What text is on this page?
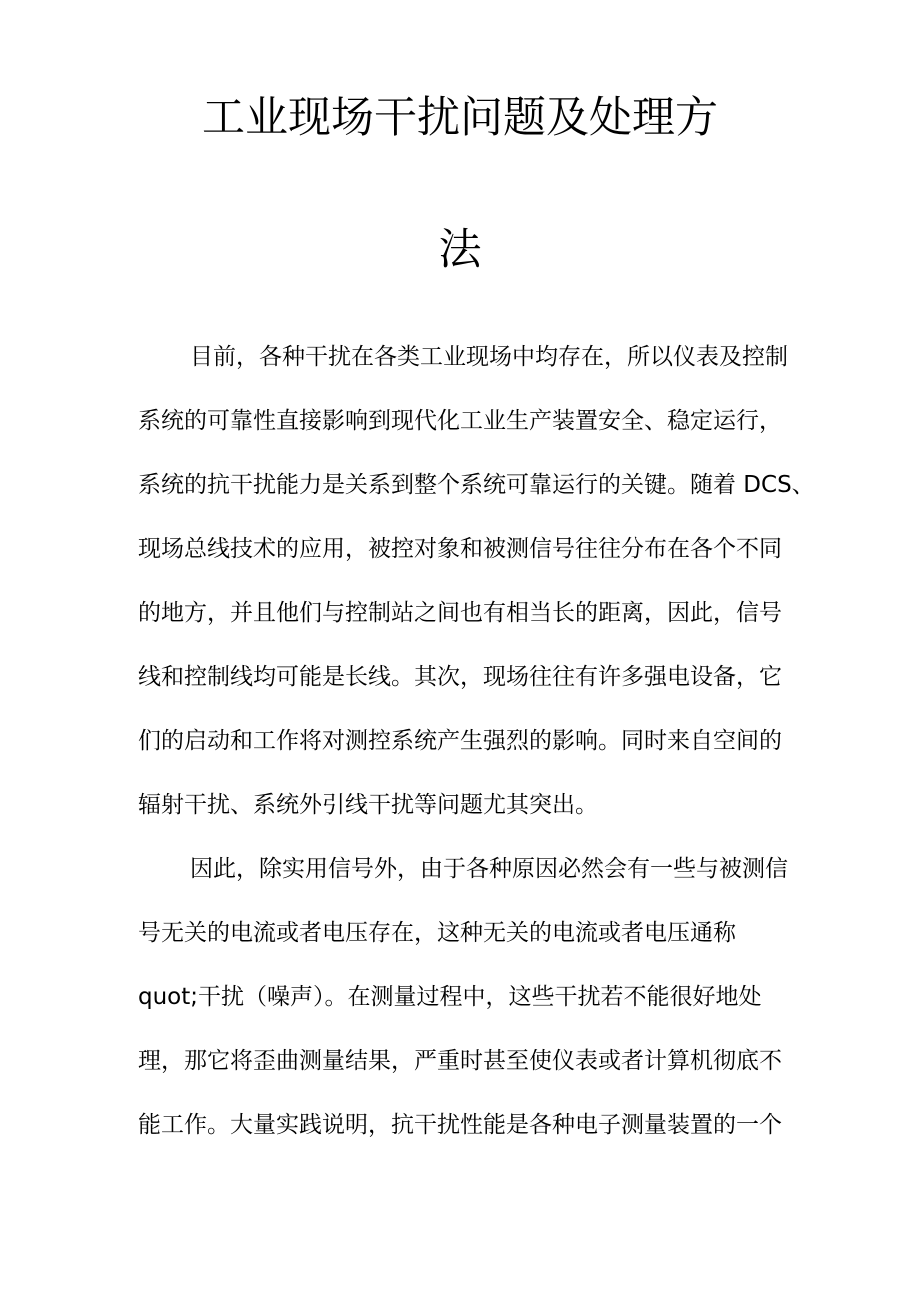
工业现场干扰问题及处理方
法
目前，各种干扰在各类工业现场中均存在，所以仪表及控制
系统的可靠性直接影响到现代化工业生产装置安全、稳定运行，
系统的抗干扰能力是关系到整个系统可靠运行的关键。随着 DCS、
现场总线技术的应用，被控对象和被测信号往往分布在各个不同
的地方，并且他们与控制站之间也有相当长的距离，因此，信号
线和控制线均可能是长线。其次，现场往往有许多强电设备，它
们的启动和工作将对测控系统产生强烈的影响。同时来自空间的
辐射干扰、系统外引线干扰等问题尤其突出。
因此，除实用信号外，由于各种原因必然会有一些与被测信
号无关的电流或者电压存在，这种无关的电流或者电压通称
quot;干扰（噪声）。在测量过程中，这些干扰若不能很好地处
理，那它将歪曲测量结果，严重时甚至使仪表或者计算机彻底不
能工作。大量实践说明，抗干扰性能是各种电子测量装置的一个
